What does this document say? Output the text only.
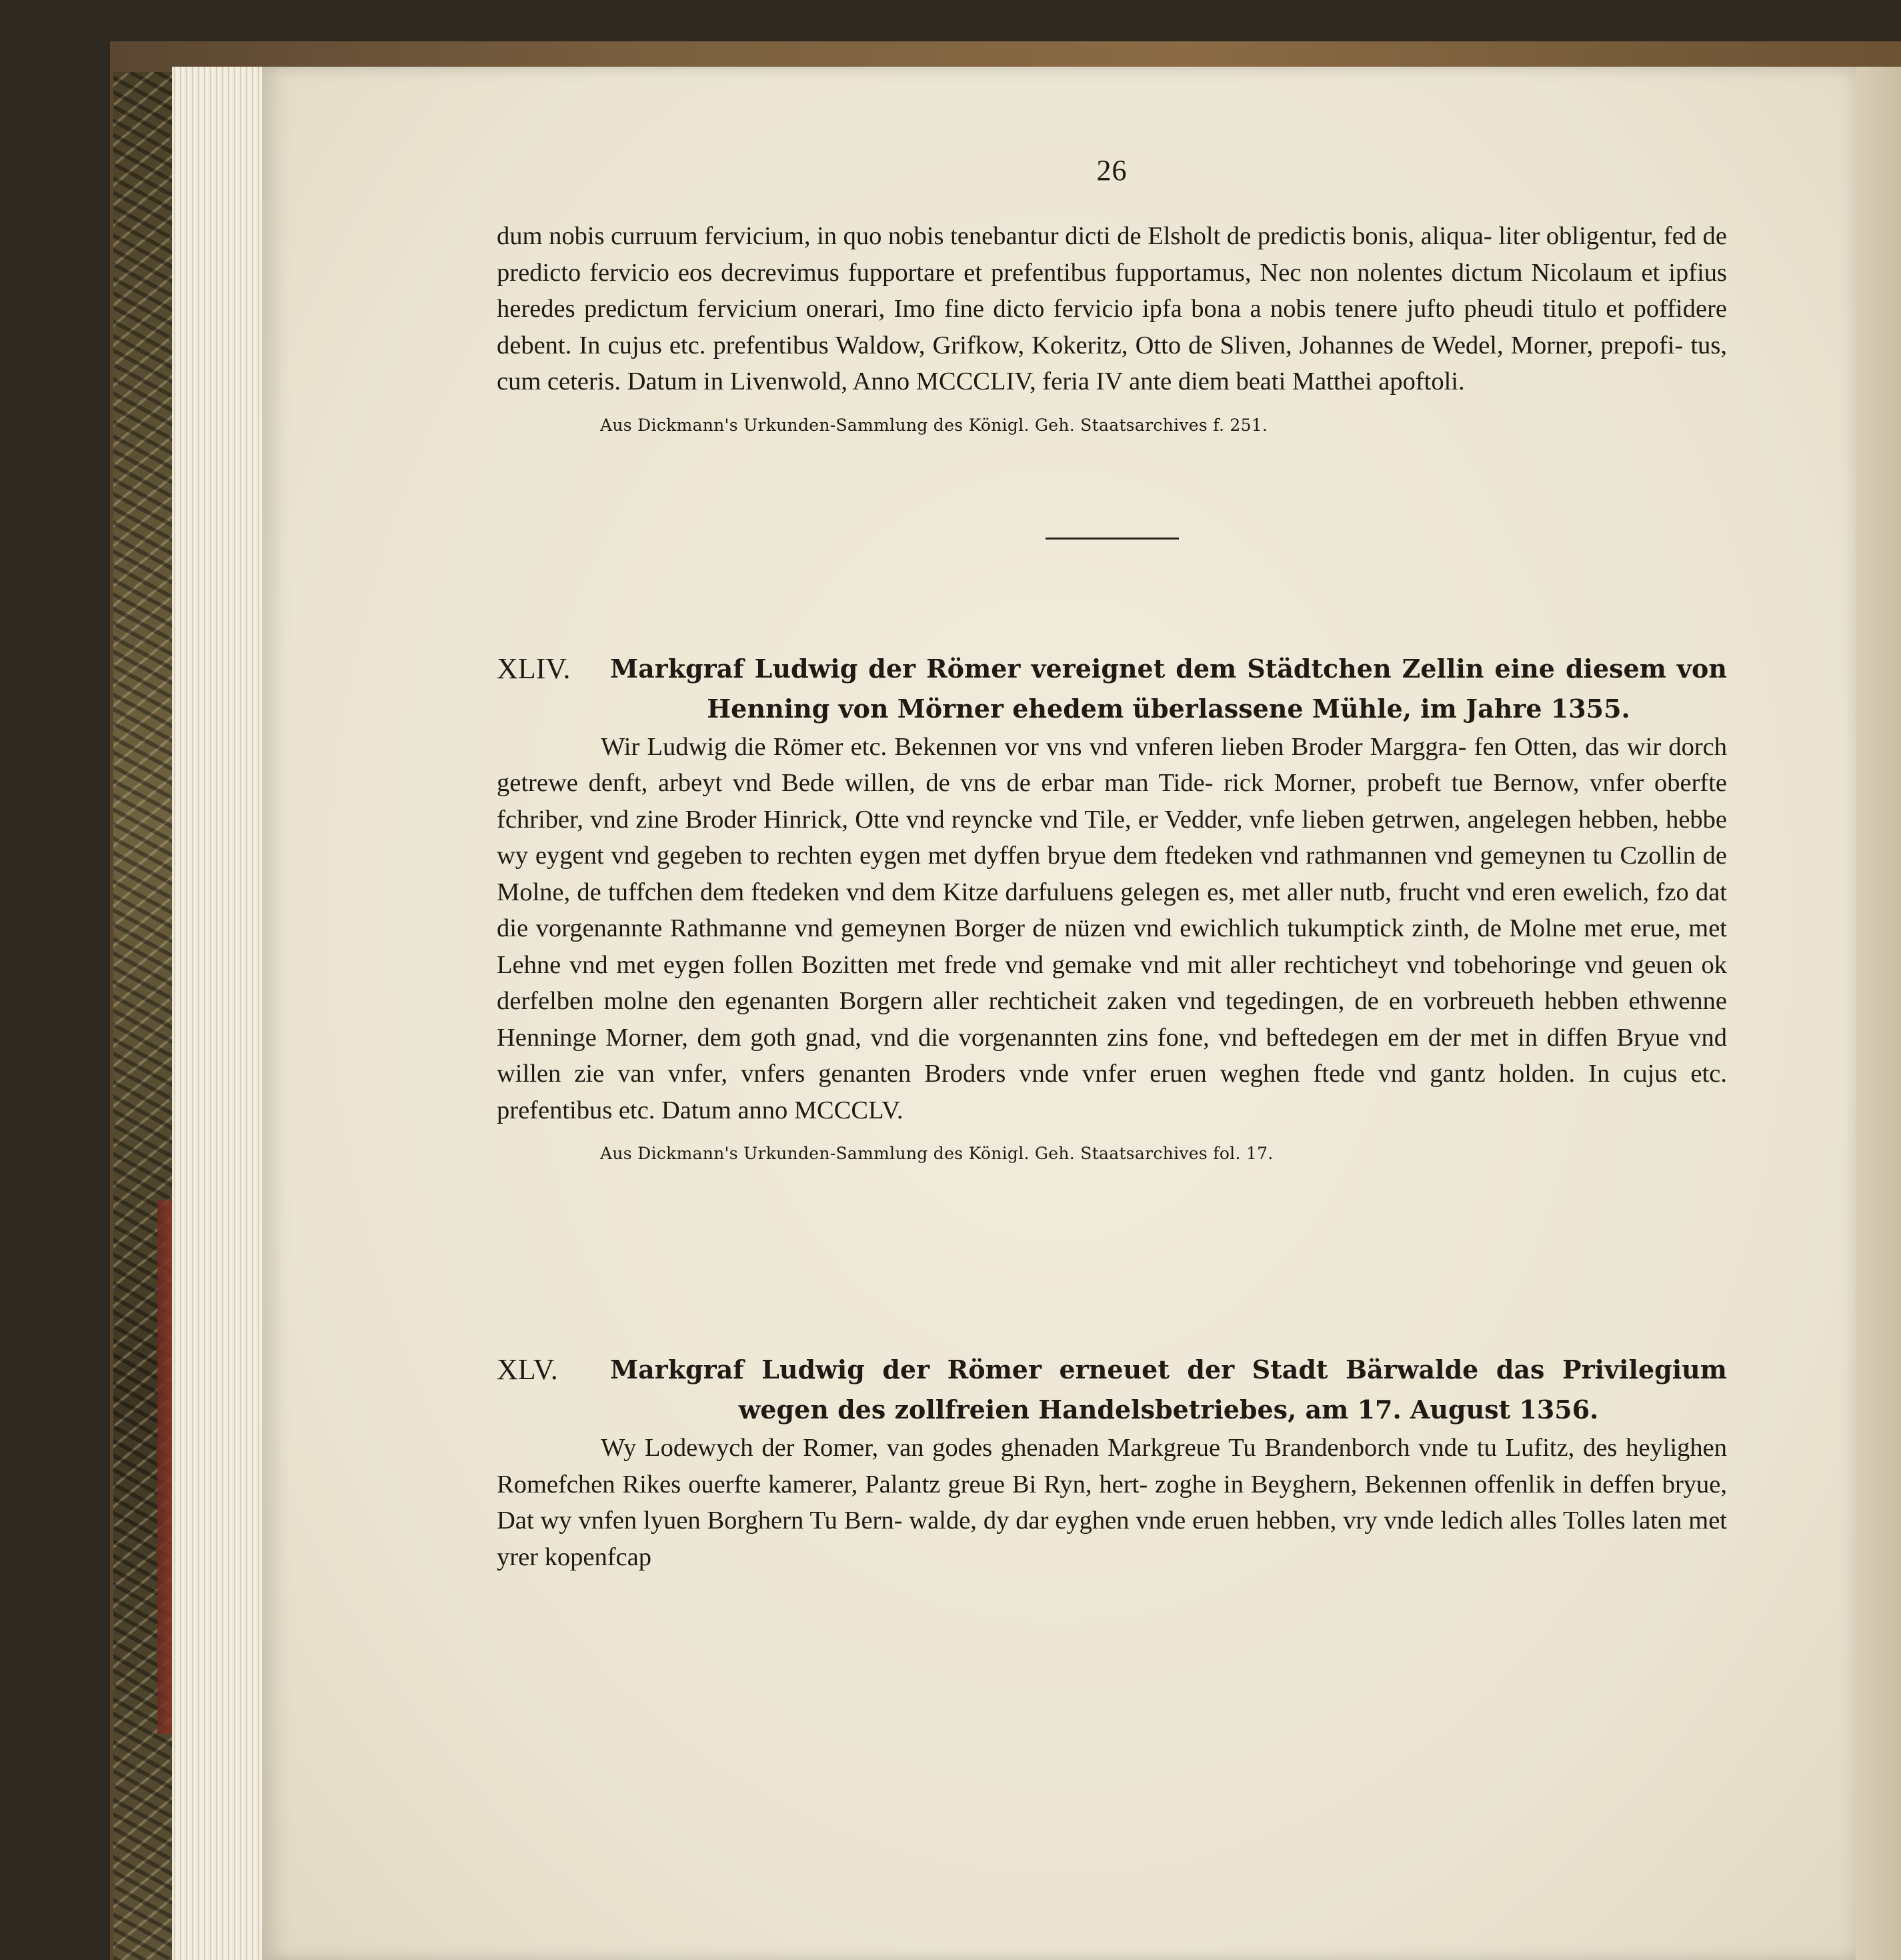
26

dum nobis curruum fervicium, in quo nobis tenebantur dicti de Elsholt de predictis bonis, aliqua- liter obligentur, fed de predicto fervicio eos decrevimus fupportare et prefentibus fupportamus, Nec non nolentes dictum Nicolaum et ipfius heredes predictum fervicium onerari, Imo fine dicto fervicio ipfa bona a nobis tenere jufto pheudi titulo et poffidere debent. In cujus etc. prefentibus Waldow, Grifkow, Kokeritz, Otto de Sliven, Johannes de Wedel, Morner, prepofi- tus, cum ceteris. Datum in Livenwold, Anno MCCCLIV, feria IV ante diem beati Matthei apoftoli.

Aus Dickmann's Urkunden-Sammlung des Königl. Geh. Staatsarchives f. 251.
XLIV.	Markgraf Ludwig der Römer vereignet dem Städtchen Zellin eine diesem von Henning von Mörner ehedem überlassene Mühle, im Jahre 1355.

Wir Ludwig die Römer etc. Bekennen vor vns vnd vnferen lieben Broder Marggra- fen Otten, das wir dorch getrewe denft, arbeyt vnd Bede willen, de vns de erbar man Tide- rick Morner, probeft tue Bernow, vnfer oberfte fchriber, vnd zine Broder Hinrick, Otte vnd reyncke vnd Tile, er Vedder, vnfe lieben getrwen, angelegen hebben, hebbe wy eygent vnd gegeben to rechten eygen met dyffen bryue dem ftedeken vnd rathmannen vnd gemeynen tu Czollin de Molne, de tuffchen dem ftedeken vnd dem Kitze darfuluens gelegen es, met aller nutb, frucht vnd eren ewelich, fzo dat die vorgenannte Rathmanne vnd gemeynen Borger de nüzen vnd ewichlich tukumptick zinth, de Molne met erue, met Lehne vnd met eygen follen Bozitten met frede vnd gemake vnd mit aller rechticheyt vnd tobehoringe vnd geuen ok derfelben molne den egenanten Borgern aller rechticheit zaken vnd tegedingen, de en vorbreueth hebben ethwenne Henninge Morner, dem goth gnad, vnd die vorgenannten zins fone, vnd beftedegen em der met in diffen Bryue vnd willen zie van vnfer, vnfers genanten Broders vnde vnfer eruen weghen ftede vnd gantz holden. In cujus etc. prefentibus etc. Datum anno MCCCLV.

Aus Dickmann's Urkunden-Sammlung des Königl. Geh. Staatsarchives fol. 17.
XLV.	Markgraf Ludwig der Römer erneuet der Stadt Bärwalde das Privilegium wegen des zollfreien Handelsbetriebes, am 17. August 1356.

Wy Lodewych der Romer, van godes ghenaden Markgreue Tu Brandenborch vnde tu Lufitz, des heylighen Romefchen Rikes ouerfte kamerer, Palantz greue Bi Ryn, hert- zoghe in Beyghern, Bekennen offenlik in deffen bryue, Dat wy vnfen lyuen Borghern Tu Bern- walde, dy dar eyghen vnde eruen hebben, vry vnde ledich alles Tolles laten met yrer kopenfcap
